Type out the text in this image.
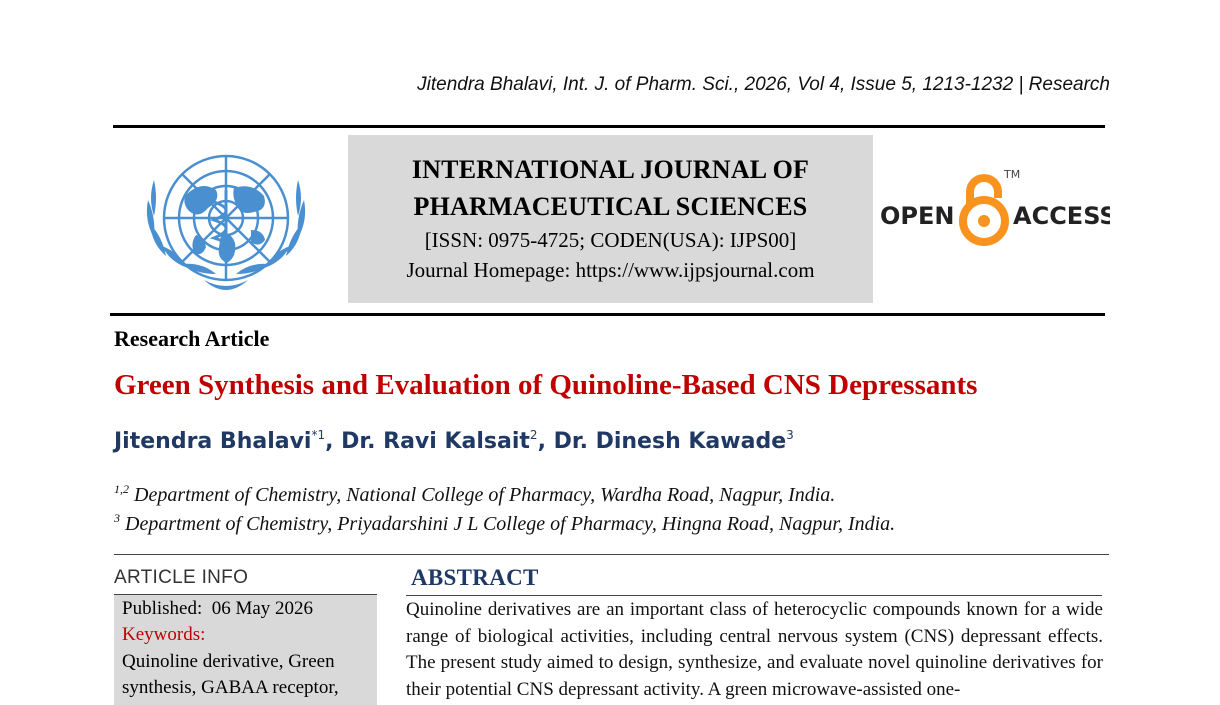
Jitendra Bhalavi, Int. J. of Pharm. Sci., 2026, Vol 4, Issue 5, 1213-1232 | Research
INTERNATIONAL JOURNAL OF
PHARMACEUTICAL SCIENCES
[ISSN: 0975-4725; CODEN(USA): IJPS00]
Journal Homepage: https://www.ijpsjournal.com
OPEN
TM
ACCESS
Research Article
Green Synthesis and Evaluation of Quinoline-Based CNS Depressants
Jitendra Bhalavi$^{*1}$, Dr. Ravi Kalsait$^2$, Dr. Dinesh Kawade$^3$
$^{1,2}$ Department of Chemistry, National College of Pharmacy, Wardha Road, Nagpur, India.
$^3$ Department of Chemistry, Priyadarshini J L College of Pharmacy, Hingna Road, Nagpur, India.
ARTICLE INFO
Published: 06 May 2026
Keywords:
Quinoline derivative, Green
synthesis, GABAA receptor,
ABSTRACT
Quinoline derivatives are an important class of heterocyclic compounds known for a wide range of biological activities, including central nervous system (CNS) depressant effects. The present study aimed to design, synthesize, and evaluate novel quinoline derivatives for their potential CNS depressant activity. A green microwave-assisted one-
